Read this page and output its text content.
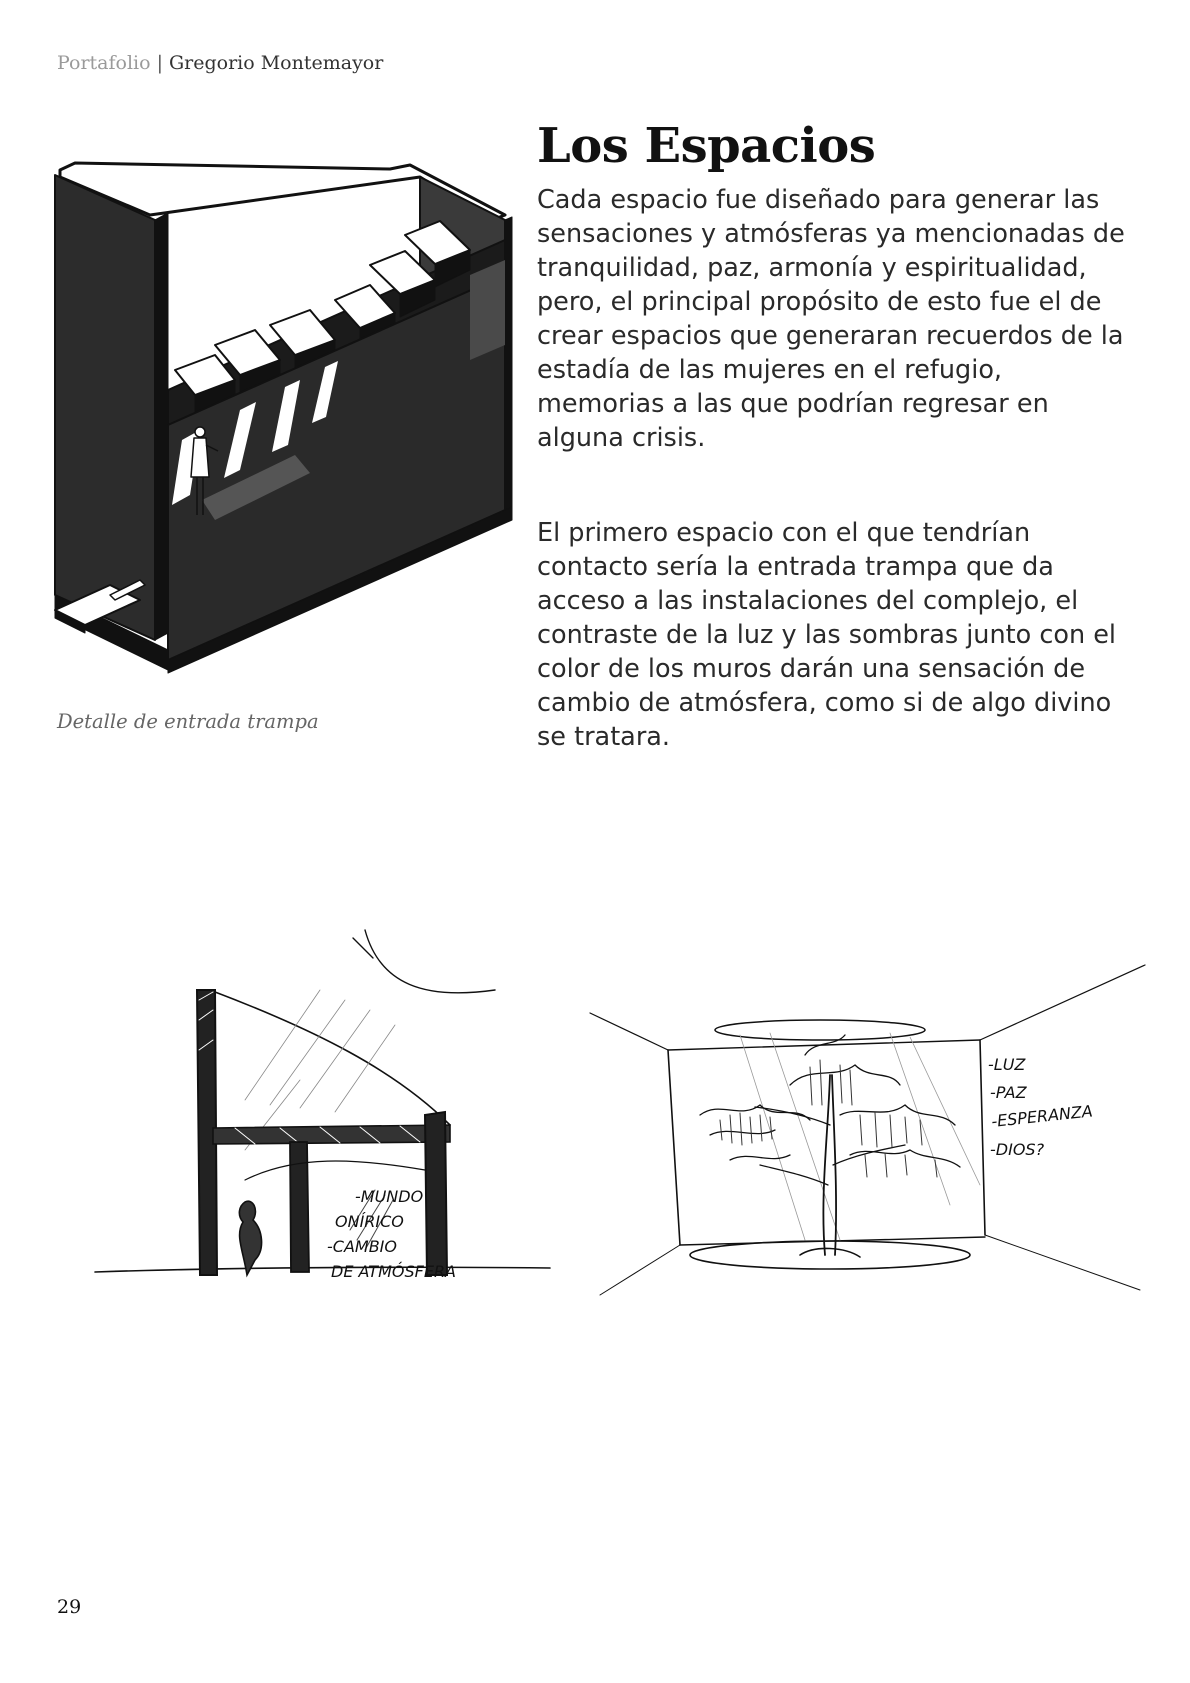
Portafolio | Gregorio Montemayor
Los Espacios

Cada espacio fue diseñado para generar las sensaciones y atmósferas ya mencionadas de tranquilidad, paz, armonía y espiritualidad, pero, el principal propósito de esto fue el de crear espacios que generaran recuerdos de la estadía de las mujeres en el refugio, memorias a las que podrían regresar en alguna crisis.

El primero espacio con el que tendrían contacto sería la entrada trampa que da acceso a las instalaciones del complejo, el contraste de la luz y las sombras junto con el color de los muros darán una sensación de cambio de atmósfera, como si de algo divino se tratara.

Detalle de entrada trampa
-MUNDO
ONÍRICO
-CAMBIO
DE ATMÓSFERA
-LUZ
-PAZ
-ESPERANZA
-DIOS?
29
